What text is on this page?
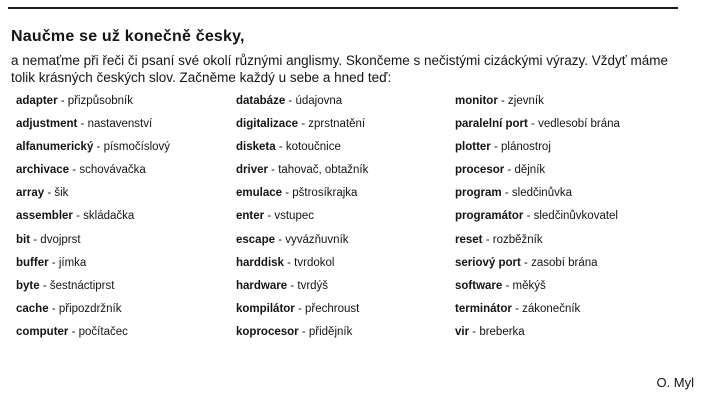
Naučme se už konečně česky,

a nemaťme při řeči či psaní své okolí různými anglismy. Skončeme s nečistými cizáckými výrazy. Vždyť máme tolik krásných českých slov. Začněme každý u sebe a hned teď:

adapter - přizpůsobník
adjustment - nastavenství
alfanumerický - písmočíslový
archivace - schovávačka
array - šik
assembler - skládačka
bit - dvojprst
buffer - jímka
byte - šestnáctiprst
cache - připozdržník
computer - počítačec
databáze - údajovna
digitalizace - zprstnatění
disketa - kotoučnice
driver - tahovač, obtažník
emulace - pštrosíkrajka
enter - vstupec
escape - vyvázňuvník
harddisk - tvrdokol
hardware - tvrdýš
kompilátor - přechroust
koprocesor - přidějník
monitor - zjevník
paralelní port - vedlesobí brána
plotter - plánostroj
procesor - dějník
program - sledčinůvka
programátor - sledčinůvkovatel
reset - rozběžník
seriový port - zasobí brána
software - měkýš
terminátor - zákonečník
vir - breberka
O. Myl
